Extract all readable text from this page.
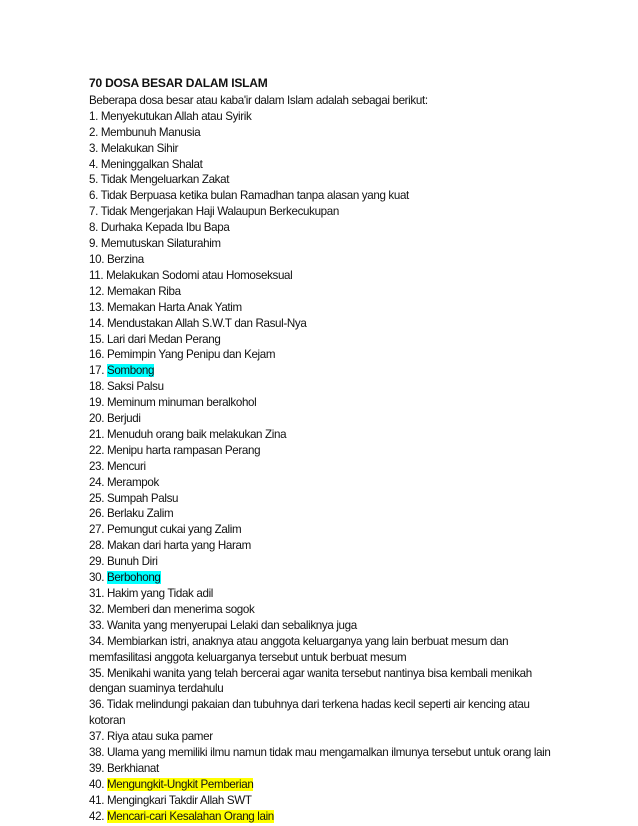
70 DOSA BESAR DALAM ISLAM

Beberapa dosa besar atau kaba'ir dalam Islam adalah sebagai berikut:

1. Menyekutukan Allah atau Syirik
2. Membunuh Manusia
3. Melakukan Sihir
4. Meninggalkan Shalat
5. Tidak Mengeluarkan Zakat
6. Tidak Berpuasa ketika bulan Ramadhan tanpa alasan yang kuat
7. Tidak Mengerjakan Haji Walaupun Berkecukupan
8. Durhaka Kepada Ibu Bapa
9. Memutuskan Silaturahim
10. Berzina
11. Melakukan Sodomi atau Homoseksual
12. Memakan Riba
13. Memakan Harta Anak Yatim
14. Mendustakan Allah S.W.T dan Rasul-Nya
15. Lari dari Medan Perang
16. Pemimpin Yang Penipu dan Kejam
17. Sombong
18. Saksi Palsu
19. Meminum minuman beralkohol
20. Berjudi
21. Menuduh orang baik melakukan Zina
22. Menipu harta rampasan Perang
23. Mencuri
24. Merampok
25. Sumpah Palsu
26. Berlaku Zalim
27. Pemungut cukai yang Zalim
28. Makan dari harta yang Haram
29. Bunuh Diri
30. Berbohong
31. Hakim yang Tidak adil
32. Memberi dan menerima sogok
33. Wanita yang menyerupai Lelaki dan sebaliknya juga
34. Membiarkan istri, anaknya atau anggota keluarganya yang lain berbuat mesum dan memfasilitasi anggota keluarganya tersebut untuk berbuat mesum
35. Menikahi wanita yang telah bercerai agar wanita tersebut nantinya bisa kembali menikah dengan suaminya terdahulu
36. Tidak melindungi pakaian dan tubuhnya dari terkena hadas kecil seperti air kencing atau kotoran
37. Riya atau suka pamer
38. Ulama yang memiliki ilmu namun tidak mau mengamalkan ilmunya tersebut untuk orang lain
39. Berkhianat
40. Mengungkit-Ungkit Pemberian
41. Mengingkari Takdir Allah SWT
42. Mencari-cari Kesalahan Orang lain
